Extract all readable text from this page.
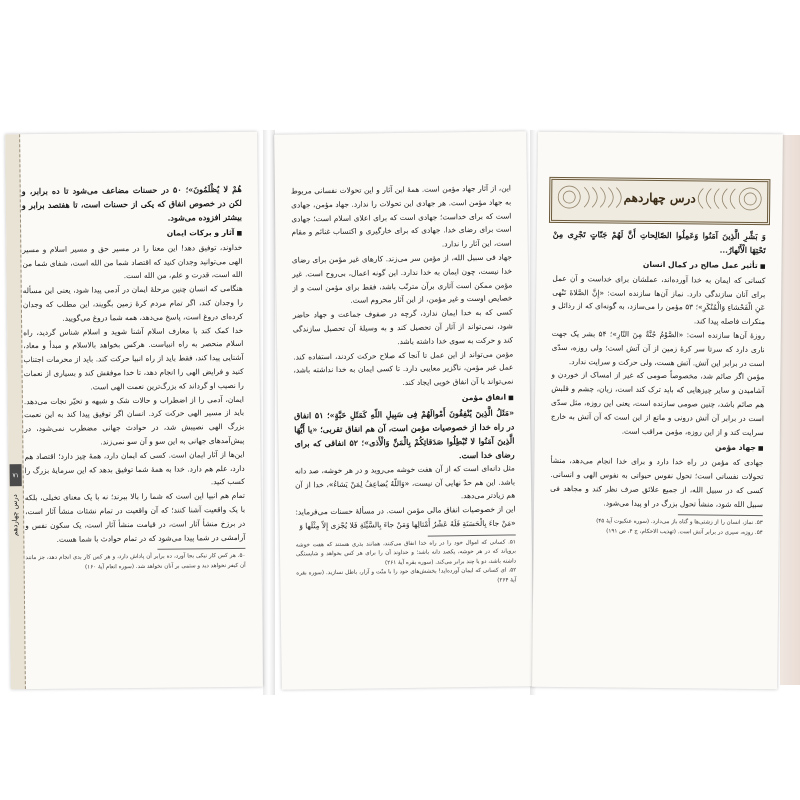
۷۱
درس چهاردهم

هُمْ لا یُظْلَمُونَ»؛ ۵۰ در حسنات مضاعف می‌شود تا ده برابر، و لکن در خصوص انفاق که یکی از حسنات است، تا هفتصد برابر و بیشتر افزوده می‌شود.

■ آثار و برکات ایمان

خداوند، توفیق دهد! این معنا را در مسیر حق و مسیر اسلام و مسیر الهی می‌توانید وجدان کنید که اقتصاد شما من الله است، شفای شما من الله است، قدرت و علم، من الله است.

هنگامی که انسان چنین مرحلهٔ ایمان در آدمی پیدا شود، یعنی این مسأله را وجدان کند، اگر تمام مردم کرهٔ زمین بگویند، این مطلب که وجدان کرده‌ای دروغ است، پاسخ می‌دهد، همه شما دروغ می‌گویید.

خدا کمک کند با معارف اسلام آشنا شوید و اسلام شناس گردید، راه اسلام منحصر به راه انبیاست. هرکس بخواهد بالاسلام و مبدأ و معاد، آشنایی پیدا کند، فقط باید از راه انبیا حرکت کند. باید از محرمات اجتناب کنید و فرایض الهی را انجام دهد، تا خدا موفقش کند و بسیاری از نعمات را نصیب او گرداند که بزرگ‌ترین نعمت الهی است.

ایمان، آدمی را از اضطراب و حالات شک و شبهه و تحیّر نجات می‌دهد. باید از مسیر الهی حرکت کرد. انسان اگر توفیق پیدا کند به این نعمت بزرگ الهی نصیبش شد، در حوادث جهانی مضطرب نمی‌شود، در پیش‌آمدهای جهانی به این سو و آن سو نمی‌زند.

این‌ها از آثار ایمان است. کسی که ایمان دارد، همهٔ چیز دارد؛ اقتصاد هم دارد، علم هم دارد. خدا به همهٔ شما توفیق بدهد که این سرمایهٔ بزرگ را کسب کنید.

تمام هم انبیا این است که شما را بالا ببرند؛ نه با یک معنای تخیلی، بلکه با یک واقعیت آشنا کنند؛ که آن واقعیت در تمام نشئات منشأ آثار است، در برزخ منشأ آثار است، در قیامت منشأ آثار است، یک سکون نفس و آرامشی در شما پیدا می‌شود که در تمام حوادث با شما هست.

۵۰. هر کس کار نیکی بجا آورد، ده برابر آن پاداش دارد، و هر کس کار بدی انجام دهد، جز مانند آن کیفر نخواهد دید و ستمی بر آنان نخواهد شد. (سوره انعام آیهٔ ۱۶۰)

این، از آثار جهاد مؤمن است. همهٔ این آثار و این تحولات نفسانی مربوط به جهاد مؤمن است. هر جهادی این تحولات را ندارد. جهاد مؤمن، جهادی است که برای خداست؛ جهادی است که برای اعلای اسلام است؛ جهادی است برای رضای خدا. جهادی که برای خارگیری و اکتساب غنائم و مقام است، این آثار را ندارد.

جهاد فی سبیل الله، از مؤمن سر می‌زند. کارهای غیر مؤمن برای رضای خدا نیست، چون ایمان به خدا ندارد. این گونه اعمال، بی‌روح است. غیر مؤمن ممکن است آثاری برآن مترتّب باشد، فقط برای مؤمن است و از خصایص اوست و غیر مؤمن، از این آثار محروم است.

کسی که به خدا ایمان ندارد، گرچه در صفوف جماعت و جهاد حاضر شود، نمی‌تواند از آثار آن تحصیل کند و به وسیلهٔ آن تحصیل سازندگی کند و حرکت به سوی خدا داشته باشد.

مؤمن می‌تواند از این عمل تا آنجا که صلاح حرکت کردند، استفاده کند. عمل غیر مؤمن، ناگزیر معایبی دارد. تا کسی ایمان به خدا نداشته باشد، نمی‌تواند با آن انفاق خویی ایجاد کند.

■ انفاق مؤمن

«مَثَلُ الَّذِینَ یُنْفِقُونَ أَمْوالَهُمْ فِی سَبِیلِ اللّهِ کَمَثَلِ حَبَّةٍ»؛ ۵۱ انفاق در راه خدا از خصوصیات مؤمن است، آن هم انفاق تقربی؛ «یا أَیُّهَا الَّذِینَ آمَنُوا لا تُبْطِلُوا صَدَقاتِکُمْ بِالْمَنِّ وَالْأَذی»؛ ۵۲ انفاقی که برای رضای خدا است.

مثل دانه‌ای است که از آن هفت خوشه می‌روید و در هر خوشه، صد دانه باشد. این هم حدّ نهایی آن نیست، «وَاللّهُ یُضاعِفُ لِمَنْ یَشاءُ»، خدا از آن هم زیادتر می‌دهد.

این از خصوصیات انفاق مالی مؤمن است. در مسألهٔ حسنات می‌فرماید: «مَنْ جاءَ بِالْحَسَنَةِ فَلَهُ عَشْرُ أَمْثالِها وَمَنْ جاءَ بِالسَّیِّئَةِ فَلا یُجْزی إِلاّ مِثْلَها وَ

۵۱. کسانی که اموال خود را در راه خدا انفاق می‌کنند، همانند بذری هستند که هفت خوشه برویاند که در هر خوشه، یکصد دانه باشد؛ و خداوند آن را برای هر کس بخواهد و شایستگی داشته باشد، دو یا چند برابر می‌کند. (سوره بقره آیهٔ ۲۶۱)
۵۲. ای کسانی که ایمان آورده‌اید! بخشش‌های خود را با منّت و آزار، باطل نسازید. (سوره بقره آیهٔ ۲۶۴)
درس چهاردهم

وَ بَشِّرِ الَّذِینَ آمَنُوا وَعَمِلُوا الصّالِحاتِ أَنَّ لَهُمْ جَنّاتٍ تَجْرِی مِنْ تَحْتِهَا الْأَنْهارُ...

■ تأثیر عمل صالح در کمال انسان

کسانی که ایمان به خدا آورده‌اند، عملشان برای خداست و آن عمل برای آنان سازندگی دارد. نماز آن‌ها سازنده است: «إِنَّ الصَّلاةَ تَنْهی عَنِ الْفَحْشاءِ وَالْمُنْکَرِ»؛ ۵۳ مؤمن را می‌سازد، به گونه‌ای که از رذائل و منکرات فاصله پیدا کند.

روزهٔ آن‌ها سازنده است: «الصَّوْمُ جُنَّةٌ مِنَ النّارِ»؛ ۵۴ بشر یک جهت ناری دارد که سرتا سر کرهٔ زمین از آن آتش است؛ ولی روزه، سدّی است در برابر این آتش. آتش هست، ولی حرکت و سرایت ندارد.

مؤمن اگر صائم شد، مخصوصاً صومی که غیر از امساک از خوردن و آشامیدن و سایر چیزهایی که باید ترک کند است، زبان، چشم و قلبش هم صائم باشد، چنین صومی سازنده است، یعنی این روزه، مثل سدّی است در برابر آن آتش درونی و مانع از این است که آن آتش به خارج سرایت کند و از این روزه، مؤمن مراقب است.

■ جهاد مؤمن

جهادی که مؤمن در راه خدا دارد و برای خدا انجام می‌دهد، منشأ تحولات نفسانی است؛ تحول نفوس حیوانی به نفوس الهی و انسانی. کسی که در سبیل الله، از جمیع علائق صرف نظر کند و مجاهد فی سبیل الله شود، منشأ تحول بزرگ در او پیدا می‌شود.

۵۳. نماز، انسان را از زشتی‌ها و گناه باز می‌دارد. (سوره عنکبوت آیهٔ ۴۵)
۵۴. روزه، سپری در برابر آتش است. (تهذیب الاحکام، ج ۴، ص ۱۹۱)
